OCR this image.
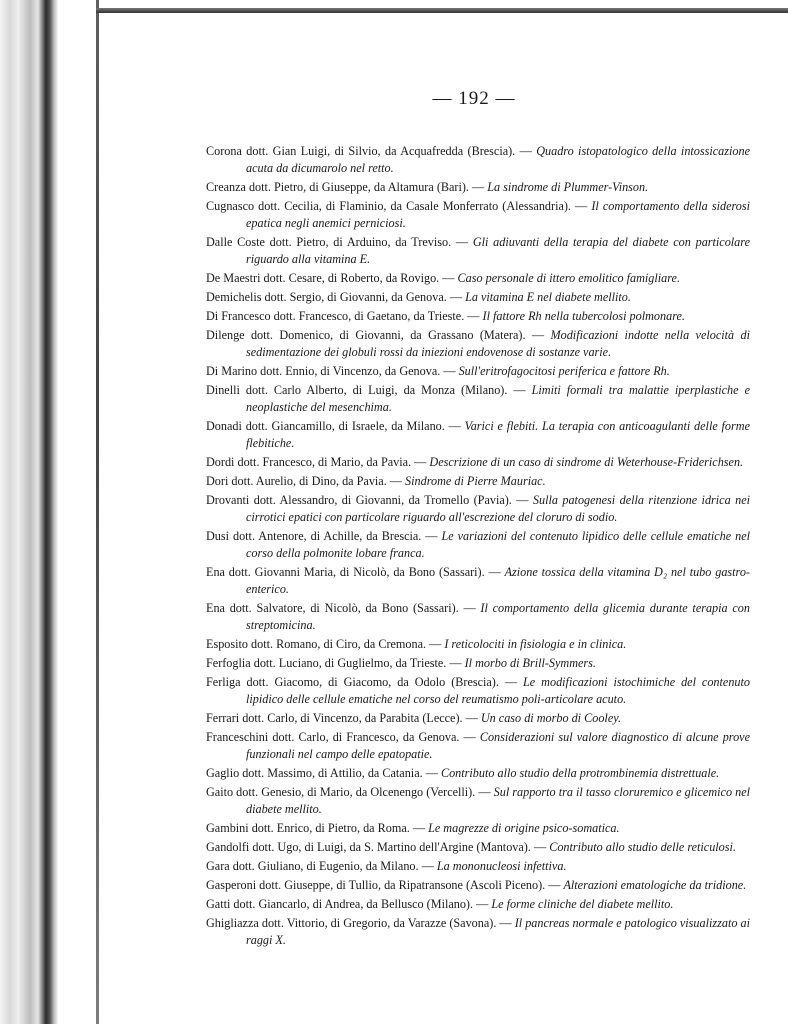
— 192 —

Corona dott. Gian Luigi, di Silvio, da Acquafredda (Brescia). — Quadro istopatologico della intossicazione acuta da dicumarolo nel retto.

Creanza dott. Pietro, di Giuseppe, da Altamura (Bari). — La sindrome di Plummer-Vinson.

Cugnasco dott. Cecilia, di Flaminio, da Casale Monferrato (Alessandria). — Il comportamento della siderosi epatica negli anemici perniciosi.

Dalle Coste dott. Pietro, di Arduino, da Treviso. — Gli adiuvanti della terapia del diabete con particolare riguardo alla vitamina E.

De Maestri dott. Cesare, di Roberto, da Rovigo. — Caso personale di ittero emolitico famigliare.

Demichelis dott. Sergio, di Giovanni, da Genova. — La vitamina E nel diabete mellito.

Di Francesco dott. Francesco, di Gaetano, da Trieste. — Il fattore Rh nella tubercolosi polmonare.

Dilenge dott. Domenico, di Giovanni, da Grassano (Matera). — Modificazioni indotte nella velocità di sedimentazione dei globuli rossi da iniezioni endovenose di sostanze varie.

Di Marino dott. Ennio, di Vincenzo, da Genova. — Sull'eritrofagocitosi periferica e fattore Rh.

Dinelli dott. Carlo Alberto, di Luigi, da Monza (Milano). — Limiti formali tra malattie iperplastiche e neoplastiche del mesenchima.

Donadi dott. Giancamillo, di Israele, da Milano. — Varici e flebiti. La terapia con anticoagulanti delle forme flebitiche.

Dordi dott. Francesco, di Mario, da Pavia. — Descrizione di un caso di sindrome di Weterhouse-Friderichsen.

Dori dott. Aurelio, di Dino, da Pavia. — Sindrome di Pierre Mauriac.

Drovanti dott. Alessandro, di Giovanni, da Tromello (Pavia). — Sulla patogenesi della ritenzione idrica nei cirrotici epatici con particolare riguardo all'escrezione del cloruro di sodio.

Dusi dott. Antenore, di Achille, da Brescia. — Le variazioni del contenuto lipidico delle cellule ematiche nel corso della polmonite lobare franca.

Ena dott. Giovanni Maria, di Nicolò, da Bono (Sassari). — Azione tossica della vitamina D₂ nel tubo gastro-enterico.

Ena dott. Salvatore, di Nicolò, da Bono (Sassari). — Il comportamento della glicemia durante terapia con streptomicina.

Esposito dott. Romano, di Ciro, da Cremona. — I reticolociti in fisiologia e in clinica.

Ferfoglia dott. Luciano, di Guglielmo, da Trieste. — Il morbo di Brill-Symmers.

Ferliga dott. Giacomo, di Giacomo, da Odolo (Brescia). — Le modificazioni istochimiche del contenuto lipidico delle cellule ematiche nel corso del reumatismo poli-articolare acuto.

Ferrari dott. Carlo, di Vincenzo, da Parabita (Lecce). — Un caso di morbo di Cooley.

Franceschini dott. Carlo, di Francesco, da Genova. — Considerazioni sul valore diagnostico di alcune prove funzionali nel campo delle epatopatie.

Gaglio dott. Massimo, di Attilio, da Catania. — Contributo allo studio della protrombinemia distrettuale.

Gaito dott. Genesio, di Mario, da Olcenengo (Vercelli). — Sul rapporto tra il tasso cloruremico e glicemico nel diabete mellito.

Gambini dott. Enrico, di Pietro, da Roma. — Le magrezze di origine psico-somatica.

Gandolfi dott. Ugo, di Luigi, da S. Martino dell'Argine (Mantova). — Contributo allo studio delle reticulosi.

Gara dott. Giuliano, di Eugenio, da Milano. — La mononucleosi infettiva.

Gasperoni dott. Giuseppe, di Tullio, da Ripatransone (Ascoli Piceno). — Alterazioni ematologiche da tridione.

Gatti dott. Giancarlo, di Andrea, da Bellusco (Milano). — Le forme cliniche del diabete mellito.

Ghigliazza dott. Vittorio, di Gregorio, da Varazze (Savona). — Il pancreas normale e patologico visualizzato ai raggi X.
